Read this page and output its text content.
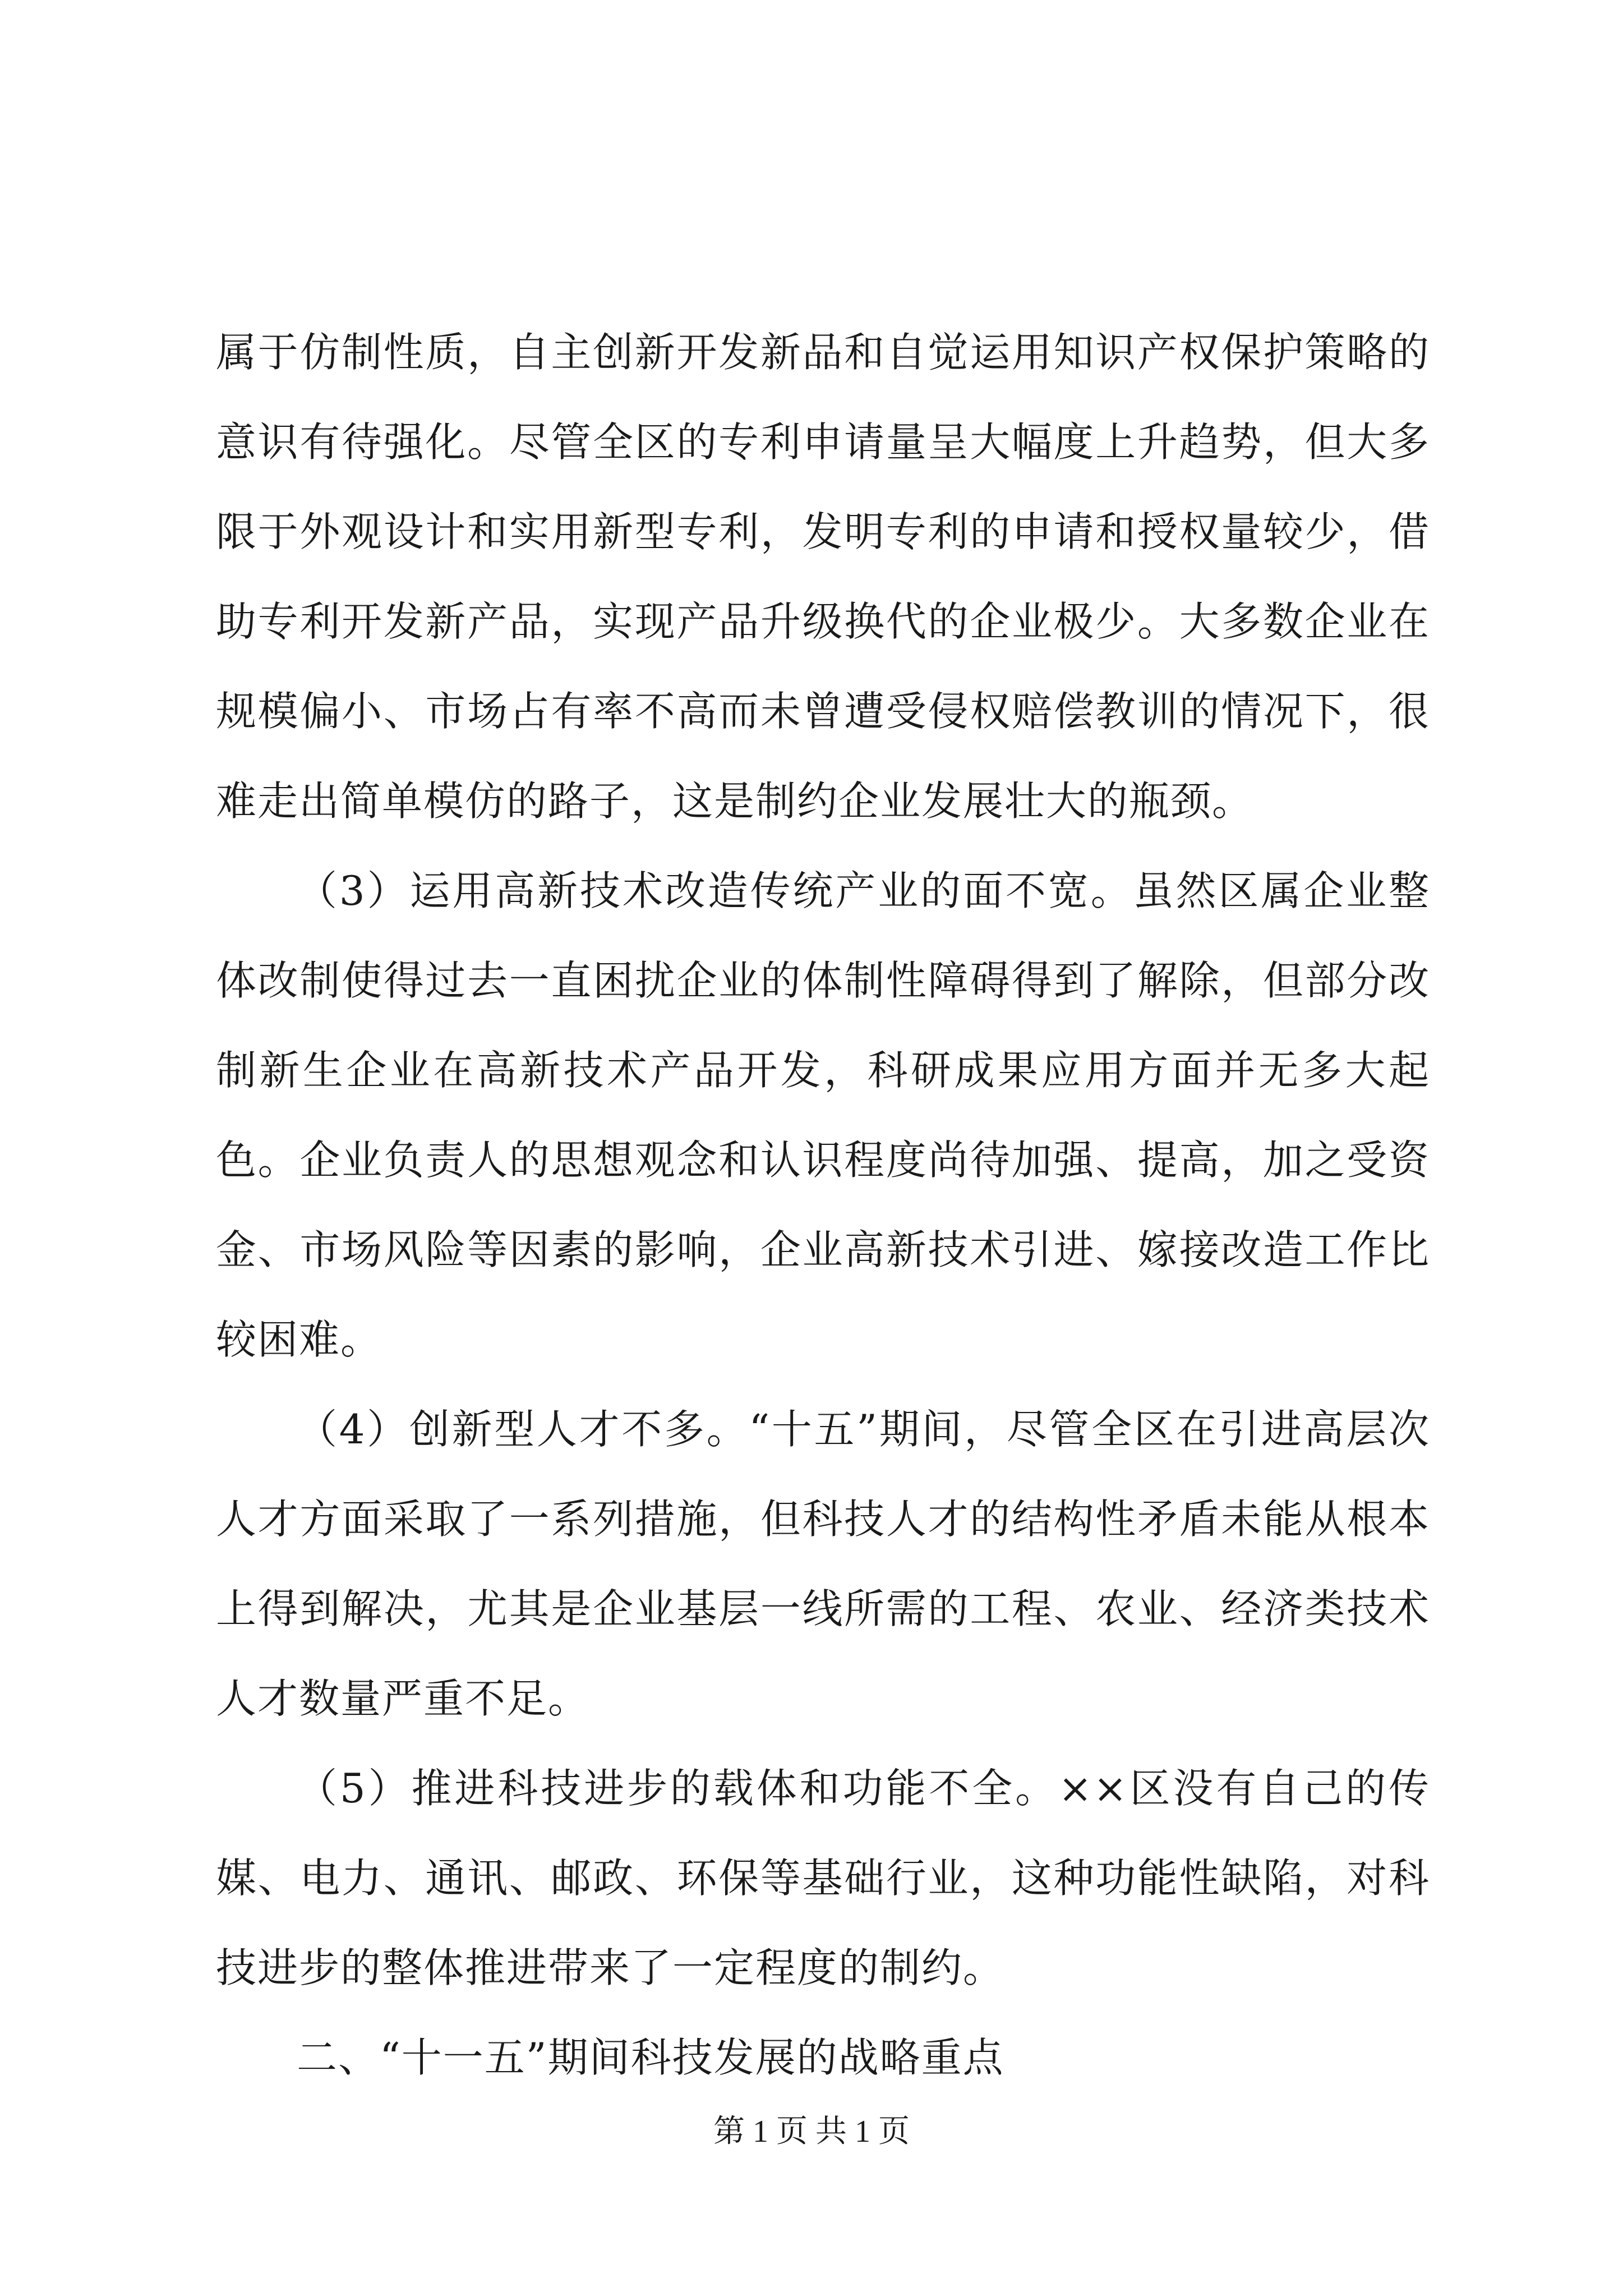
属于仿制性质，自主创新开发新品和自觉运用知识产权保护策略的意识有待强化。尽管全区的专利申请量呈大幅度上升趋势，但大多限于外观设计和实用新型专利，发明专利的申请和授权量较少，借助专利开发新产品，实现产品升级换代的企业极少。大多数企业在规模偏小、市场占有率不高而未曾遭受侵权赔偿教训的情况下，很难走出简单模仿的路子，这是制约企业发展壮大的瓶颈。

（3）运用高新技术改造传统产业的面不宽。虽然区属企业整体改制使得过去一直困扰企业的体制性障碍得到了解除，但部分改制新生企业在高新技术产品开发，科研成果应用方面并无多大起色。企业负责人的思想观念和认识程度尚待加强、提高，加之受资金、市场风险等因素的影响，企业高新技术引进、嫁接改造工作比较困难。

（4）创新型人才不多。“十五”期间，尽管全区在引进高层次人才方面采取了一系列措施，但科技人才的结构性矛盾未能从根本上得到解决，尤其是企业基层一线所需的工程、农业、经济类技术人才数量严重不足。

（5）推进科技进步的载体和功能不全。××区没有自己的传媒、电力、通讯、邮政、环保等基础行业，这种功能性缺陷，对科技进步的整体推进带来了一定程度的制约。

二、“十一五”期间科技发展的战略重点

第 1 页 共 1 页
